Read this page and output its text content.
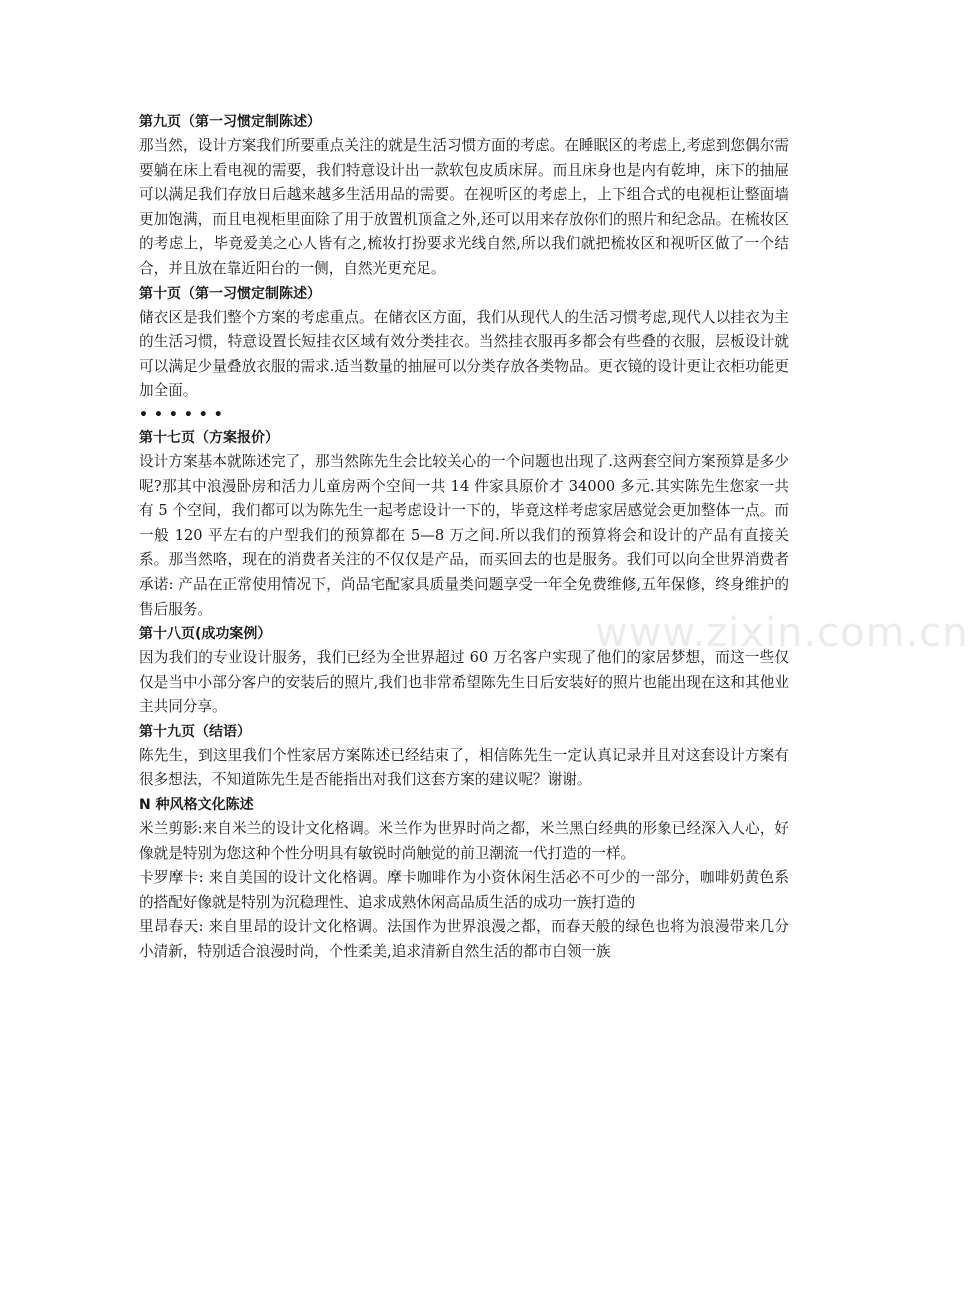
第九页（第一习惯定制陈述）

那当然，设计方案我们所要重点关注的就是生活习惯方面的考虑。在睡眠区的考虑上,考虑到您偶尔需要躺在床上看电视的需要，我们特意设计出一款软包皮质床屏。而且床身也是内有乾坤，床下的抽屉可以满足我们存放日后越来越多生活用品的需要。在视听区的考虑上，上下组合式的电视柜让整面墙更加饱满，而且电视柜里面除了用于放置机顶盒之外,还可以用来存放你们的照片和纪念品。在梳妆区的考虑上，毕竟爱美之心人皆有之,梳妆打扮要求光线自然,所以我们就把梳妆区和视听区做了一个结合，并且放在靠近阳台的一侧，自然光更充足。

第十页（第一习惯定制陈述）

储衣区是我们整个方案的考虑重点。在储衣区方面，我们从现代人的生活习惯考虑,现代人以挂衣为主的生活习惯，特意设置长短挂衣区域有效分类挂衣。当然挂衣服再多都会有些叠的衣服，层板设计就可以满足少量叠放衣服的需求.适当数量的抽屉可以分类存放各类物品。更衣镜的设计更让衣柜功能更加全面。

••••••

第十七页（方案报价）

设计方案基本就陈述完了，那当然陈先生会比较关心的一个问题也出现了.这两套空间方案预算是多少呢?那其中浪漫卧房和活力儿童房两个空间一共 14 件家具原价才 34000 多元.其实陈先生您家一共有 5 个空间，我们都可以为陈先生一起考虑设计一下的，毕竟这样考虑家居感觉会更加整体一点。而一般 120 平左右的户型我们的预算都在 5—8 万之间.所以我们的预算将会和设计的产品有直接关系。那当然咯，现在的消费者关注的不仅仅是产品，而买回去的也是服务。我们可以向全世界消费者承诺: 产品在正常使用情况下，尚品宅配家具质量类问题享受一年全免费维修,五年保修，终身维护的售后服务。

第十八页(成功案例）

因为我们的专业设计服务，我们已经为全世界超过 60 万名客户实现了他们的家居梦想，而这一些仅仅是当中小部分客户的安装后的照片,我们也非常希望陈先生日后安装好的照片也能出现在这和其他业主共同分享。

第十九页（结语）

陈先生，到这里我们个性家居方案陈述已经结束了，相信陈先生一定认真记录并且对这套设计方案有很多想法，不知道陈先生是否能指出对我们这套方案的建议呢？谢谢。

N 种风格文化陈述

米兰剪影:来自米兰的设计文化格调。米兰作为世界时尚之都，米兰黑白经典的形象已经深入人心，好像就是特别为您这种个性分明具有敏锐时尚触觉的前卫潮流一代打造的一样。

卡罗摩卡: 来自美国的设计文化格调。摩卡咖啡作为小资休闲生活必不可少的一部分，咖啡奶黄色系的搭配好像就是特别为沉稳理性、追求成熟休闲高品质生活的成功一族打造的

里昂春天: 来自里昂的设计文化格调。法国作为世界浪漫之都，而春天般的绿色也将为浪漫带来几分小清新，特别适合浪漫时尚，个性柔美,追求清新自然生活的都市白领一族

www.zixin.com.cn
